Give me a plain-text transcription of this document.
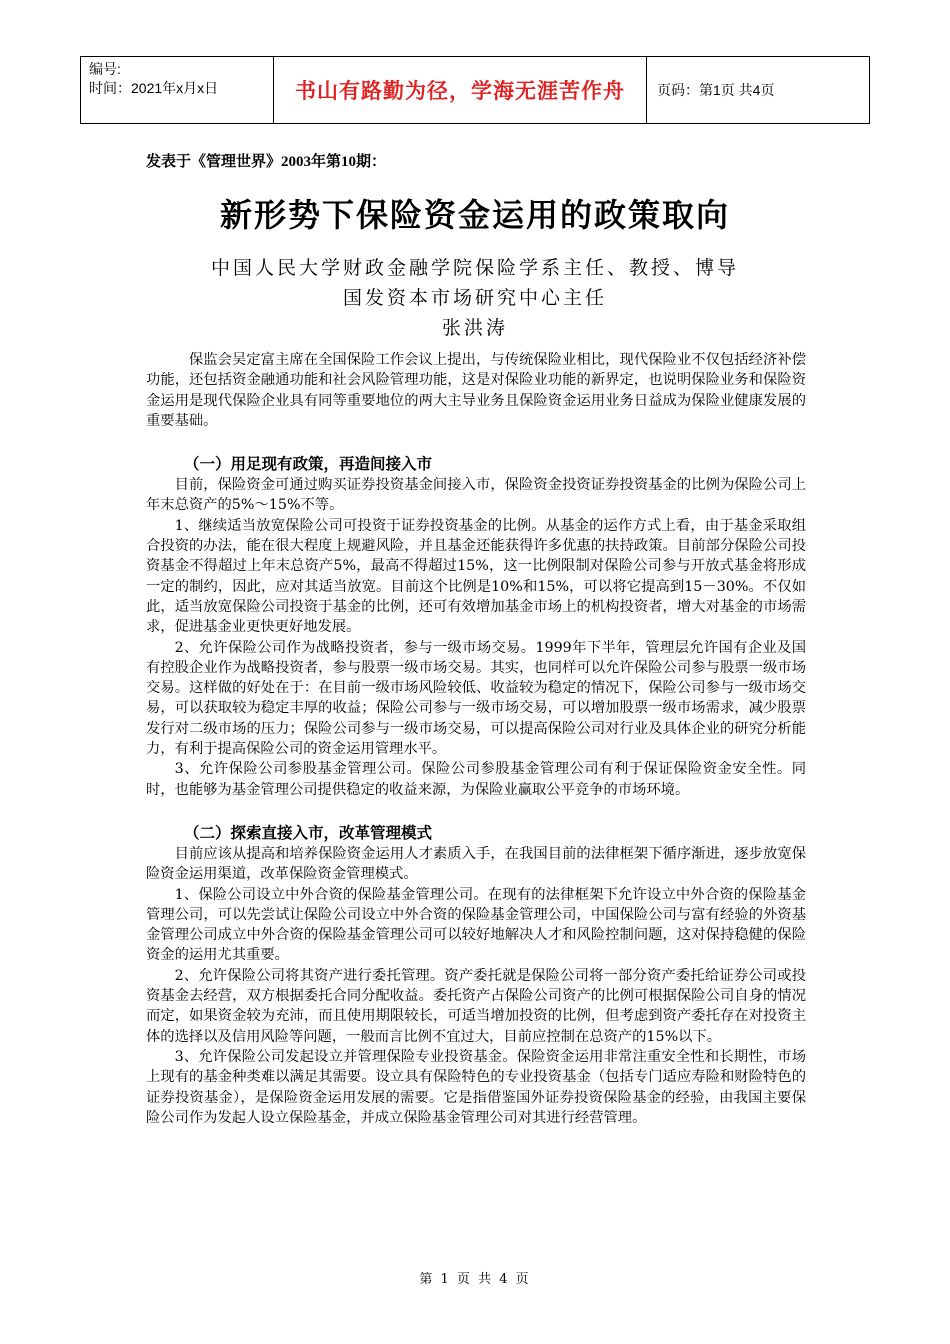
编号:
时间：2021年x月x日	书山有路勤为径，学海无涯苦作舟	页码：第1页 共4页
发表于《管理世界》2003年第10期：
新形势下保险资金运用的政策取向
中国人民大学财政金融学院保险学系主任、教授、博导
国发资本市场研究中心主任
张洪涛

保监会吴定富主席在全国保险工作会议上提出，与传统保险业相比，现代保险业不仅包括经济补偿功能，还包括资金融通功能和社会风险管理功能，这是对保险业功能的新界定，也说明保险业务和保险资金运用是现代保险企业具有同等重要地位的两大主导业务且保险资金运用业务日益成为保险业健康发展的重要基础。

（一）用足现有政策，再造间接入市

目前，保险资金可通过购买证券投资基金间接入市，保险资金投资证券投资基金的比例为保险公司上年末总资产的5%～15%不等。

1、继续适当放宽保险公司可投资于证券投资基金的比例。从基金的运作方式上看，由于基金采取组合投资的办法，能在很大程度上规避风险，并且基金还能获得许多优惠的扶持政策。目前部分保险公司投资基金不得超过上年末总资产5%，最高不得超过15%，这一比例限制对保险公司参与开放式基金将形成一定的制约，因此，应对其适当放宽。目前这个比例是10%和15%，可以将它提高到15－30%。不仅如此，适当放宽保险公司投资于基金的比例，还可有效增加基金市场上的机构投资者，增大对基金的市场需求，促进基金业更快更好地发展。

2、允许保险公司作为战略投资者，参与一级市场交易。1999年下半年，管理层允许国有企业及国有控股企业作为战略投资者，参与股票一级市场交易。其实，也同样可以允许保险公司参与股票一级市场交易。这样做的好处在于：在目前一级市场风险较低、收益较为稳定的情况下，保险公司参与一级市场交易，可以获取较为稳定丰厚的收益；保险公司参与一级市场交易，可以增加股票一级市场需求，减少股票发行对二级市场的压力；保险公司参与一级市场交易，可以提高保险公司对行业及具体企业的研究分析能力，有利于提高保险公司的资金运用管理水平。

3、允许保险公司参股基金管理公司。保险公司参股基金管理公司有利于保证保险资金安全性。同时，也能够为基金管理公司提供稳定的收益来源，为保险业赢取公平竞争的市场环境。

（二）探索直接入市，改革管理模式

目前应该从提高和培养保险资金运用人才素质入手，在我国目前的法律框架下循序渐进，逐步放宽保险资金运用渠道，改革保险资金管理模式。

1、保险公司设立中外合资的保险基金管理公司。在现有的法律框架下允许设立中外合资的保险基金管理公司，可以先尝试让保险公司设立中外合资的保险基金管理公司，中国保险公司与富有经验的外资基金管理公司成立中外合资的保险基金管理公司可以较好地解决人才和风险控制问题，这对保持稳健的保险资金的运用尤其重要。

2、允许保险公司将其资产进行委托管理。资产委托就是保险公司将一部分资产委托给证券公司或投资基金去经营，双方根据委托合同分配收益。委托资产占保险公司资产的比例可根据保险公司自身的情况而定，如果资金较为充沛，而且使用期限较长，可适当增加投资的比例，但考虑到资产委托存在对投资主体的选择以及信用风险等问题，一般而言比例不宜过大，目前应控制在总资产的15%以下。

3、允许保险公司发起设立并管理保险专业投资基金。保险资金运用非常注重安全性和长期性，市场上现有的基金种类难以满足其需要。设立具有保险特色的专业投资基金（包括专门适应寿险和财险特色的证券投资基金），是保险资金运用发展的需要。它是指借鉴国外证券投资保险基金的经验，由我国主要保险公司作为发起人设立保险基金，并成立保险基金管理公司对其进行经营管理。

第 1 页 共 4 页
